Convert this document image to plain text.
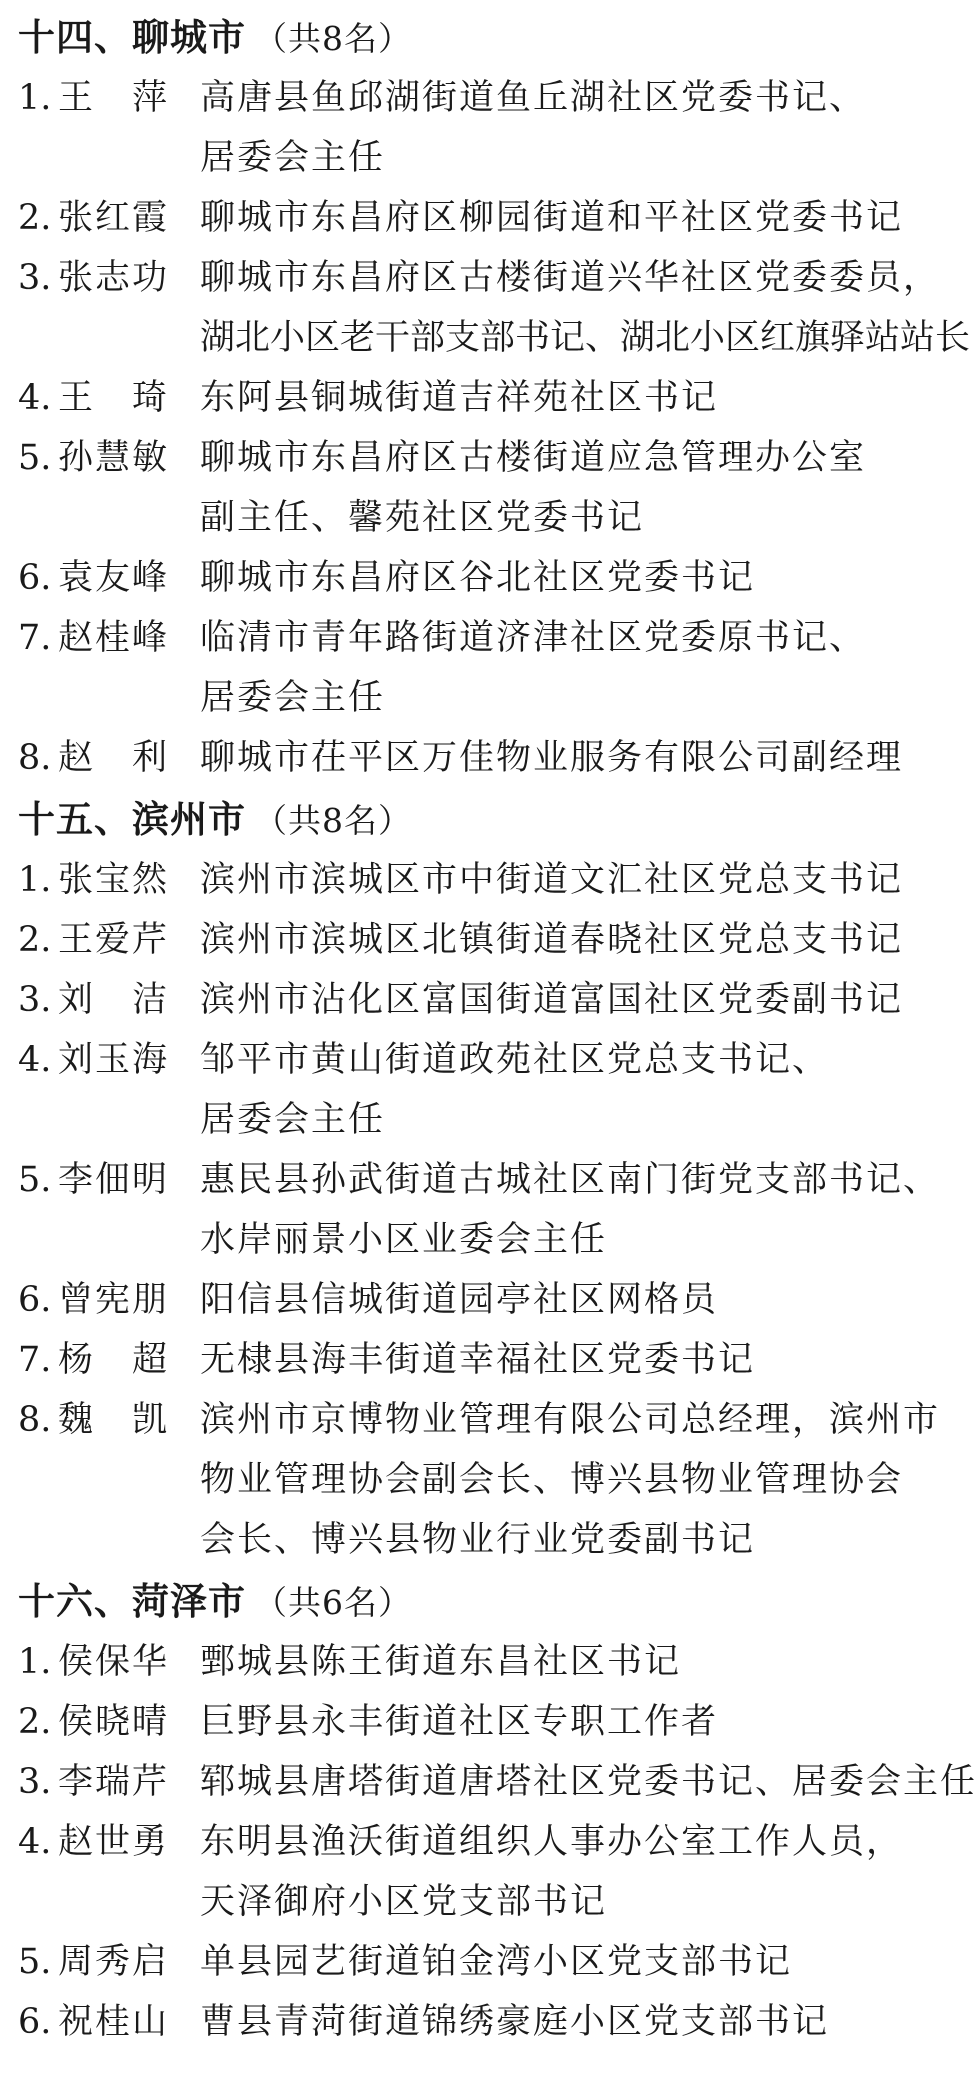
十四、聊城市 （共8名）
1. 王　萍 高唐县鱼邱湖街道鱼丘湖社区党委书记、
居委会主任
2. 张红霞 聊城市东昌府区柳园街道和平社区党委书记
3. 张志功 聊城市东昌府区古楼街道兴华社区党委委员，
湖北小区老干部支部书记、湖北小区红旗驿站站长
4. 王　琦 东阿县铜城街道吉祥苑社区书记
5. 孙慧敏 聊城市东昌府区古楼街道应急管理办公室
副主任、馨苑社区党委书记
6. 袁友峰 聊城市东昌府区谷北社区党委书记
7. 赵桂峰 临清市青年路街道济津社区党委原书记、
居委会主任
8. 赵　利 聊城市茌平区万佳物业服务有限公司副经理
十五、滨州市 （共8名）
1. 张宝然 滨州市滨城区市中街道文汇社区党总支书记
2. 王爱芹 滨州市滨城区北镇街道春晓社区党总支书记
3. 刘　洁 滨州市沾化区富国街道富国社区党委副书记
4. 刘玉海 邹平市黄山街道政苑社区党总支书记、
居委会主任
5. 李佃明 惠民县孙武街道古城社区南门街党支部书记、
水岸丽景小区业委会主任
6. 曾宪朋 阳信县信城街道园亭社区网格员
7. 杨　超 无棣县海丰街道幸福社区党委书记
8. 魏　凯 滨州市京博物业管理有限公司总经理，滨州市
物业管理协会副会长、博兴县物业管理协会
会长、博兴县物业行业党委副书记
十六、菏泽市 （共6名）
1. 侯保华 鄄城县陈王街道东昌社区书记
2. 侯晓晴 巨野县永丰街道社区专职工作者
3. 李瑞芹 郓城县唐塔街道唐塔社区党委书记、居委会主任
4. 赵世勇 东明县渔沃街道组织人事办公室工作人员，
天泽御府小区党支部书记
5. 周秀启 单县园艺街道铂金湾小区党支部书记
6. 祝桂山 曹县青菏街道锦绣豪庭小区党支部书记
